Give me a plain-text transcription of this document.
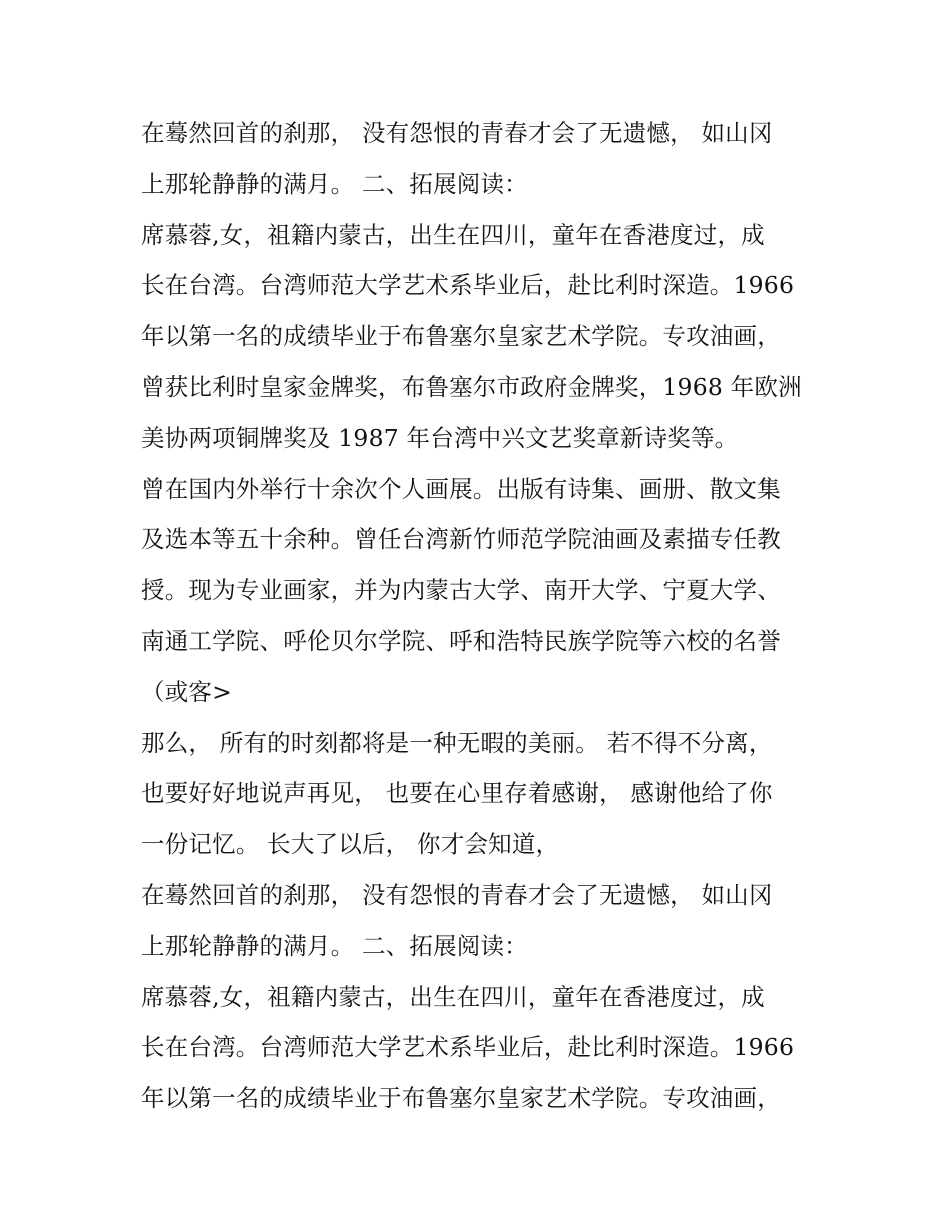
在蓦然回首的刹那， 没有怨恨的青春才会了无遗憾， 如山冈
上那轮静静的满月。 二、拓展阅读：
席慕蓉,女，祖籍内蒙古，出生在四川，童年在香港度过，成
长在台湾。台湾师范大学艺术系毕业后，赴比利时深造。1966
年以第一名的成绩毕业于布鲁塞尔皇家艺术学院。专攻油画，
曾获比利时皇家金牌奖，布鲁塞尔市政府金牌奖，1968 年欧洲
美协两项铜牌奖及 1987 年台湾中兴文艺奖章新诗奖等。
曾在国内外举行十余次个人画展。出版有诗集、画册、散文集
及选本等五十余种。曾任台湾新竹师范学院油画及素描专任教
授。现为专业画家，并为内蒙古大学、南开大学、宁夏大学、
南通工学院、呼伦贝尔学院、呼和浩特民族学院等六校的名誉
（或客>
那么， 所有的时刻都将是一种无暇的美丽。 若不得不分离，
也要好好地说声再见， 也要在心里存着感谢， 感谢他给了你
一份记忆。 长大了以后， 你才会知道，
在蓦然回首的刹那， 没有怨恨的青春才会了无遗憾， 如山冈
上那轮静静的满月。 二、拓展阅读：
席慕蓉,女，祖籍内蒙古，出生在四川，童年在香港度过，成
长在台湾。台湾师范大学艺术系毕业后，赴比利时深造。1966
年以第一名的成绩毕业于布鲁塞尔皇家艺术学院。专攻油画，
